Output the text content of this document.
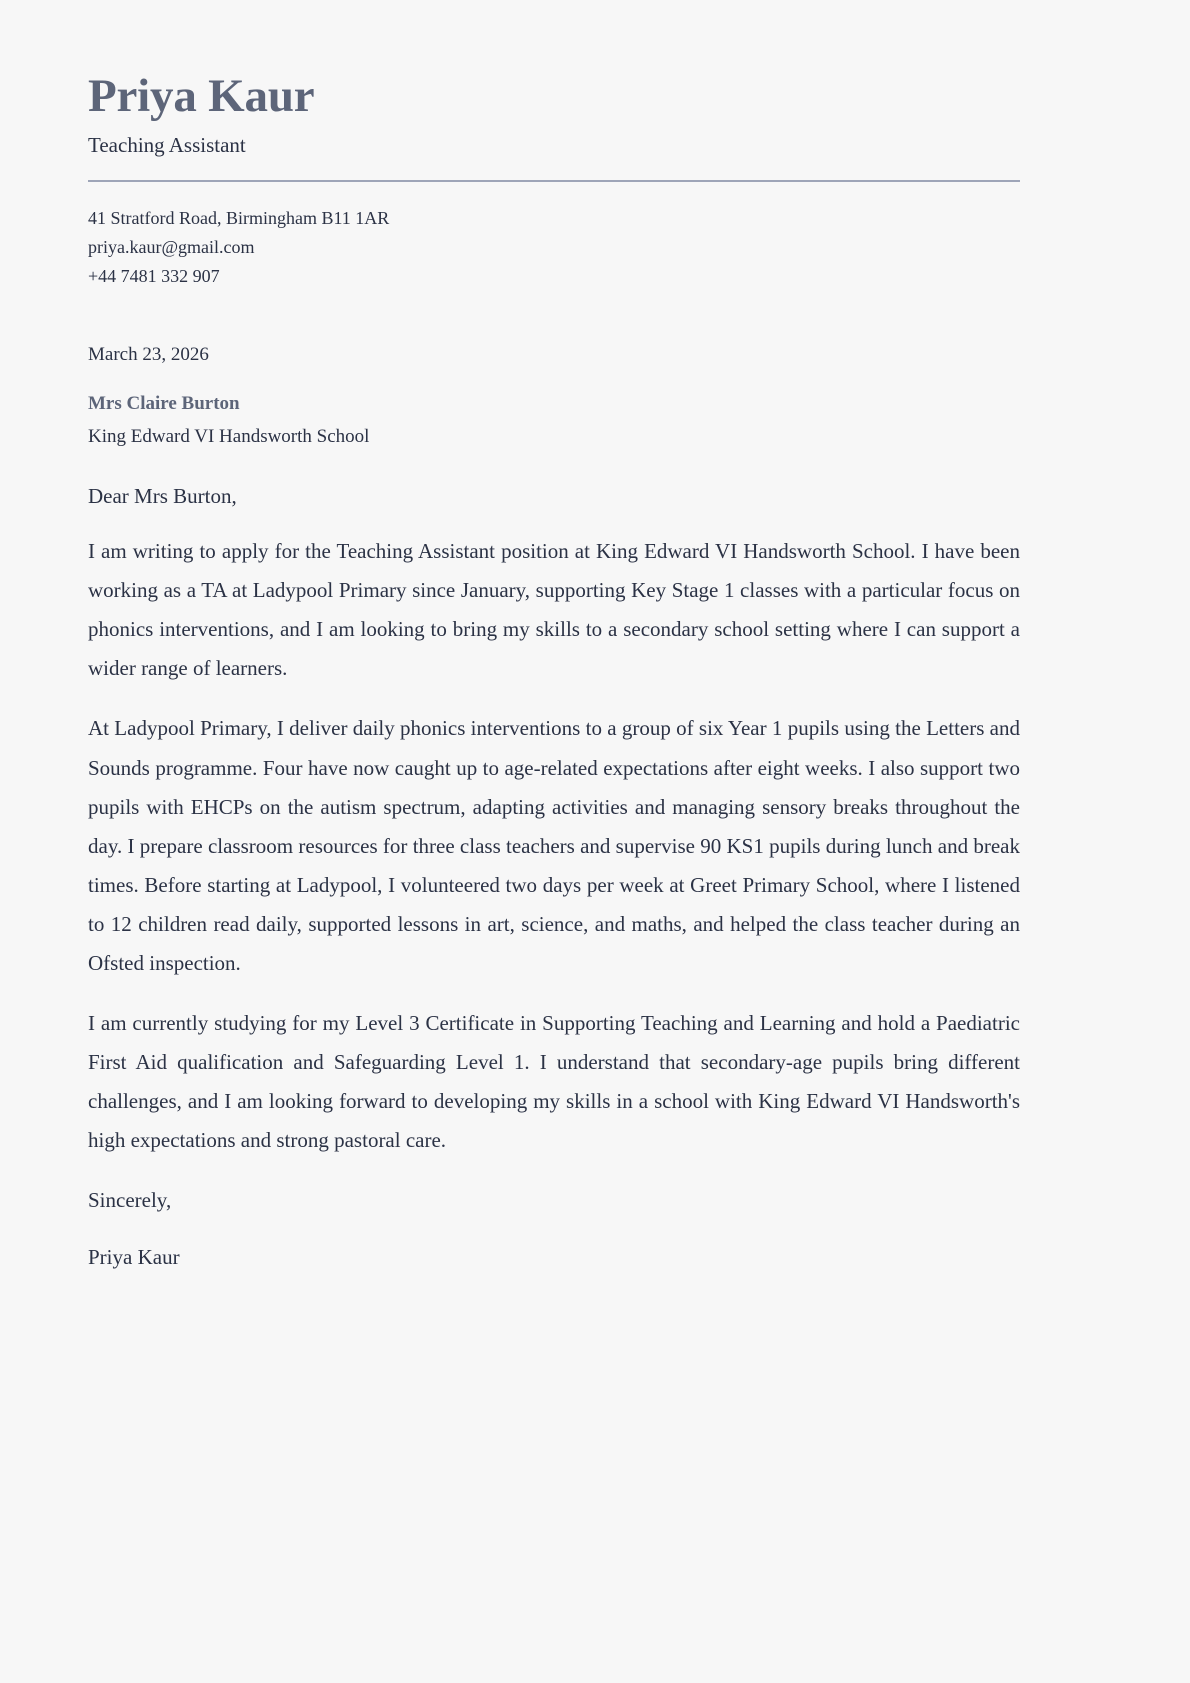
Priya Kaur
Teaching Assistant
41 Stratford Road, Birmingham B11 1AR
priya.kaur@gmail.com
+44 7481 332 907
March 23, 2026
Mrs Claire Burton
King Edward VI Handsworth School
Dear Mrs Burton,

I am writing to apply for the Teaching Assistant position at King Edward VI Handsworth School. I have been working as a TA at Ladypool Primary since January, supporting Key Stage 1 classes with a particular focus on phonics interventions, and I am looking to bring my skills to a secondary school setting where I can support a wider range of learners.

At Ladypool Primary, I deliver daily phonics interventions to a group of six Year 1 pupils using the Letters and Sounds programme. Four have now caught up to age-related expectations after eight weeks. I also support two pupils with EHCPs on the autism spectrum, adapting activities and managing sensory breaks throughout the day. I prepare classroom resources for three class teachers and supervise 90 KS1 pupils during lunch and break times. Before starting at Ladypool, I volunteered two days per week at Greet Primary School, where I listened to 12 children read daily, supported lessons in art, science, and maths, and helped the class teacher during an Ofsted inspection.

I am currently studying for my Level 3 Certificate in Supporting Teaching and Learning and hold a Paediatric First Aid qualification and Safeguarding Level 1. I understand that secondary-age pupils bring different challenges, and I am looking forward to developing my skills in a school with King Edward VI Handsworth's high expectations and strong pastoral care.

Sincerely,
Priya Kaur
